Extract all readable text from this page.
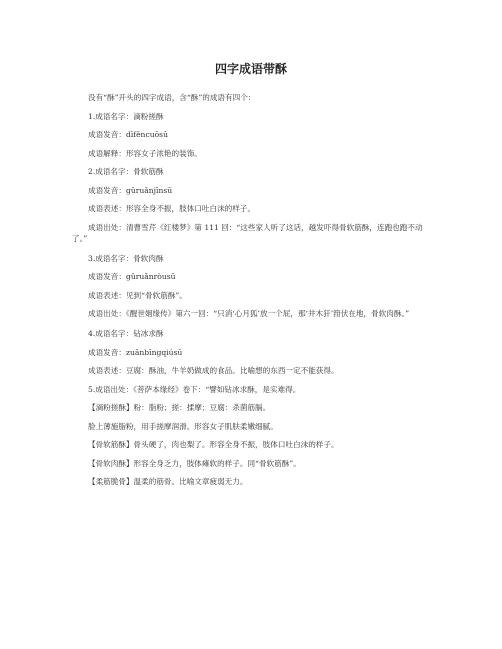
四字成语带酥
没有“酥”开头的四字成语，含“酥”的成语有四个：
1.成语名字：滴粉搓酥
成语发音：dīfěncuōsū
成语解释：形容女子浓艳的装饰。
2.成语名字：骨软筋酥
成语发音：gǔruǎnjīnsū
成语表述：形容全身不振，肢体口吐白沫的样子。
成语出处：清曹雪芹《红楼梦》第 111 回：“这些家人听了这话，越发吓得骨软筋酥，连跑也跑不动了。”
3.成语名字：骨软肉酥
成语发音：gǔruǎnròusū
成语表述：见到“骨软筋酥”。
成语出处：《醒世姻缘传》第六一回：“只消‘心月狐’放一个屁，那‘井木犴’箝伏在地，骨软肉酥。”
4.成语名字：钻冰求酥
成语发音：zuānbīngqiúsū
成语表述：豆腐：酥油，牛羊奶做成的食品。比喻想的东西一定不能获得。
5.成语出处：《菩萨本缘经》卷下：“譬如钻冰求酥，是实难得。
【滴粉搓酥】粉：脂粉；搓：揉摩；豆腐：杀菌筋膈。
脸上薄施脂粉，用手搓摩润滑。形容女子肌肤柔嫩细腻。
【骨软筋酥】骨头硬了，肉也梨了。形容全身不振，肢体口吐白沫的样子。
【骨软肉酥】形容全身乏力，肢体瘫软的样子。同“骨软筋酥”。
【柔筋脆骨】温柔的筋骨。比喻文章疲弱无力。
